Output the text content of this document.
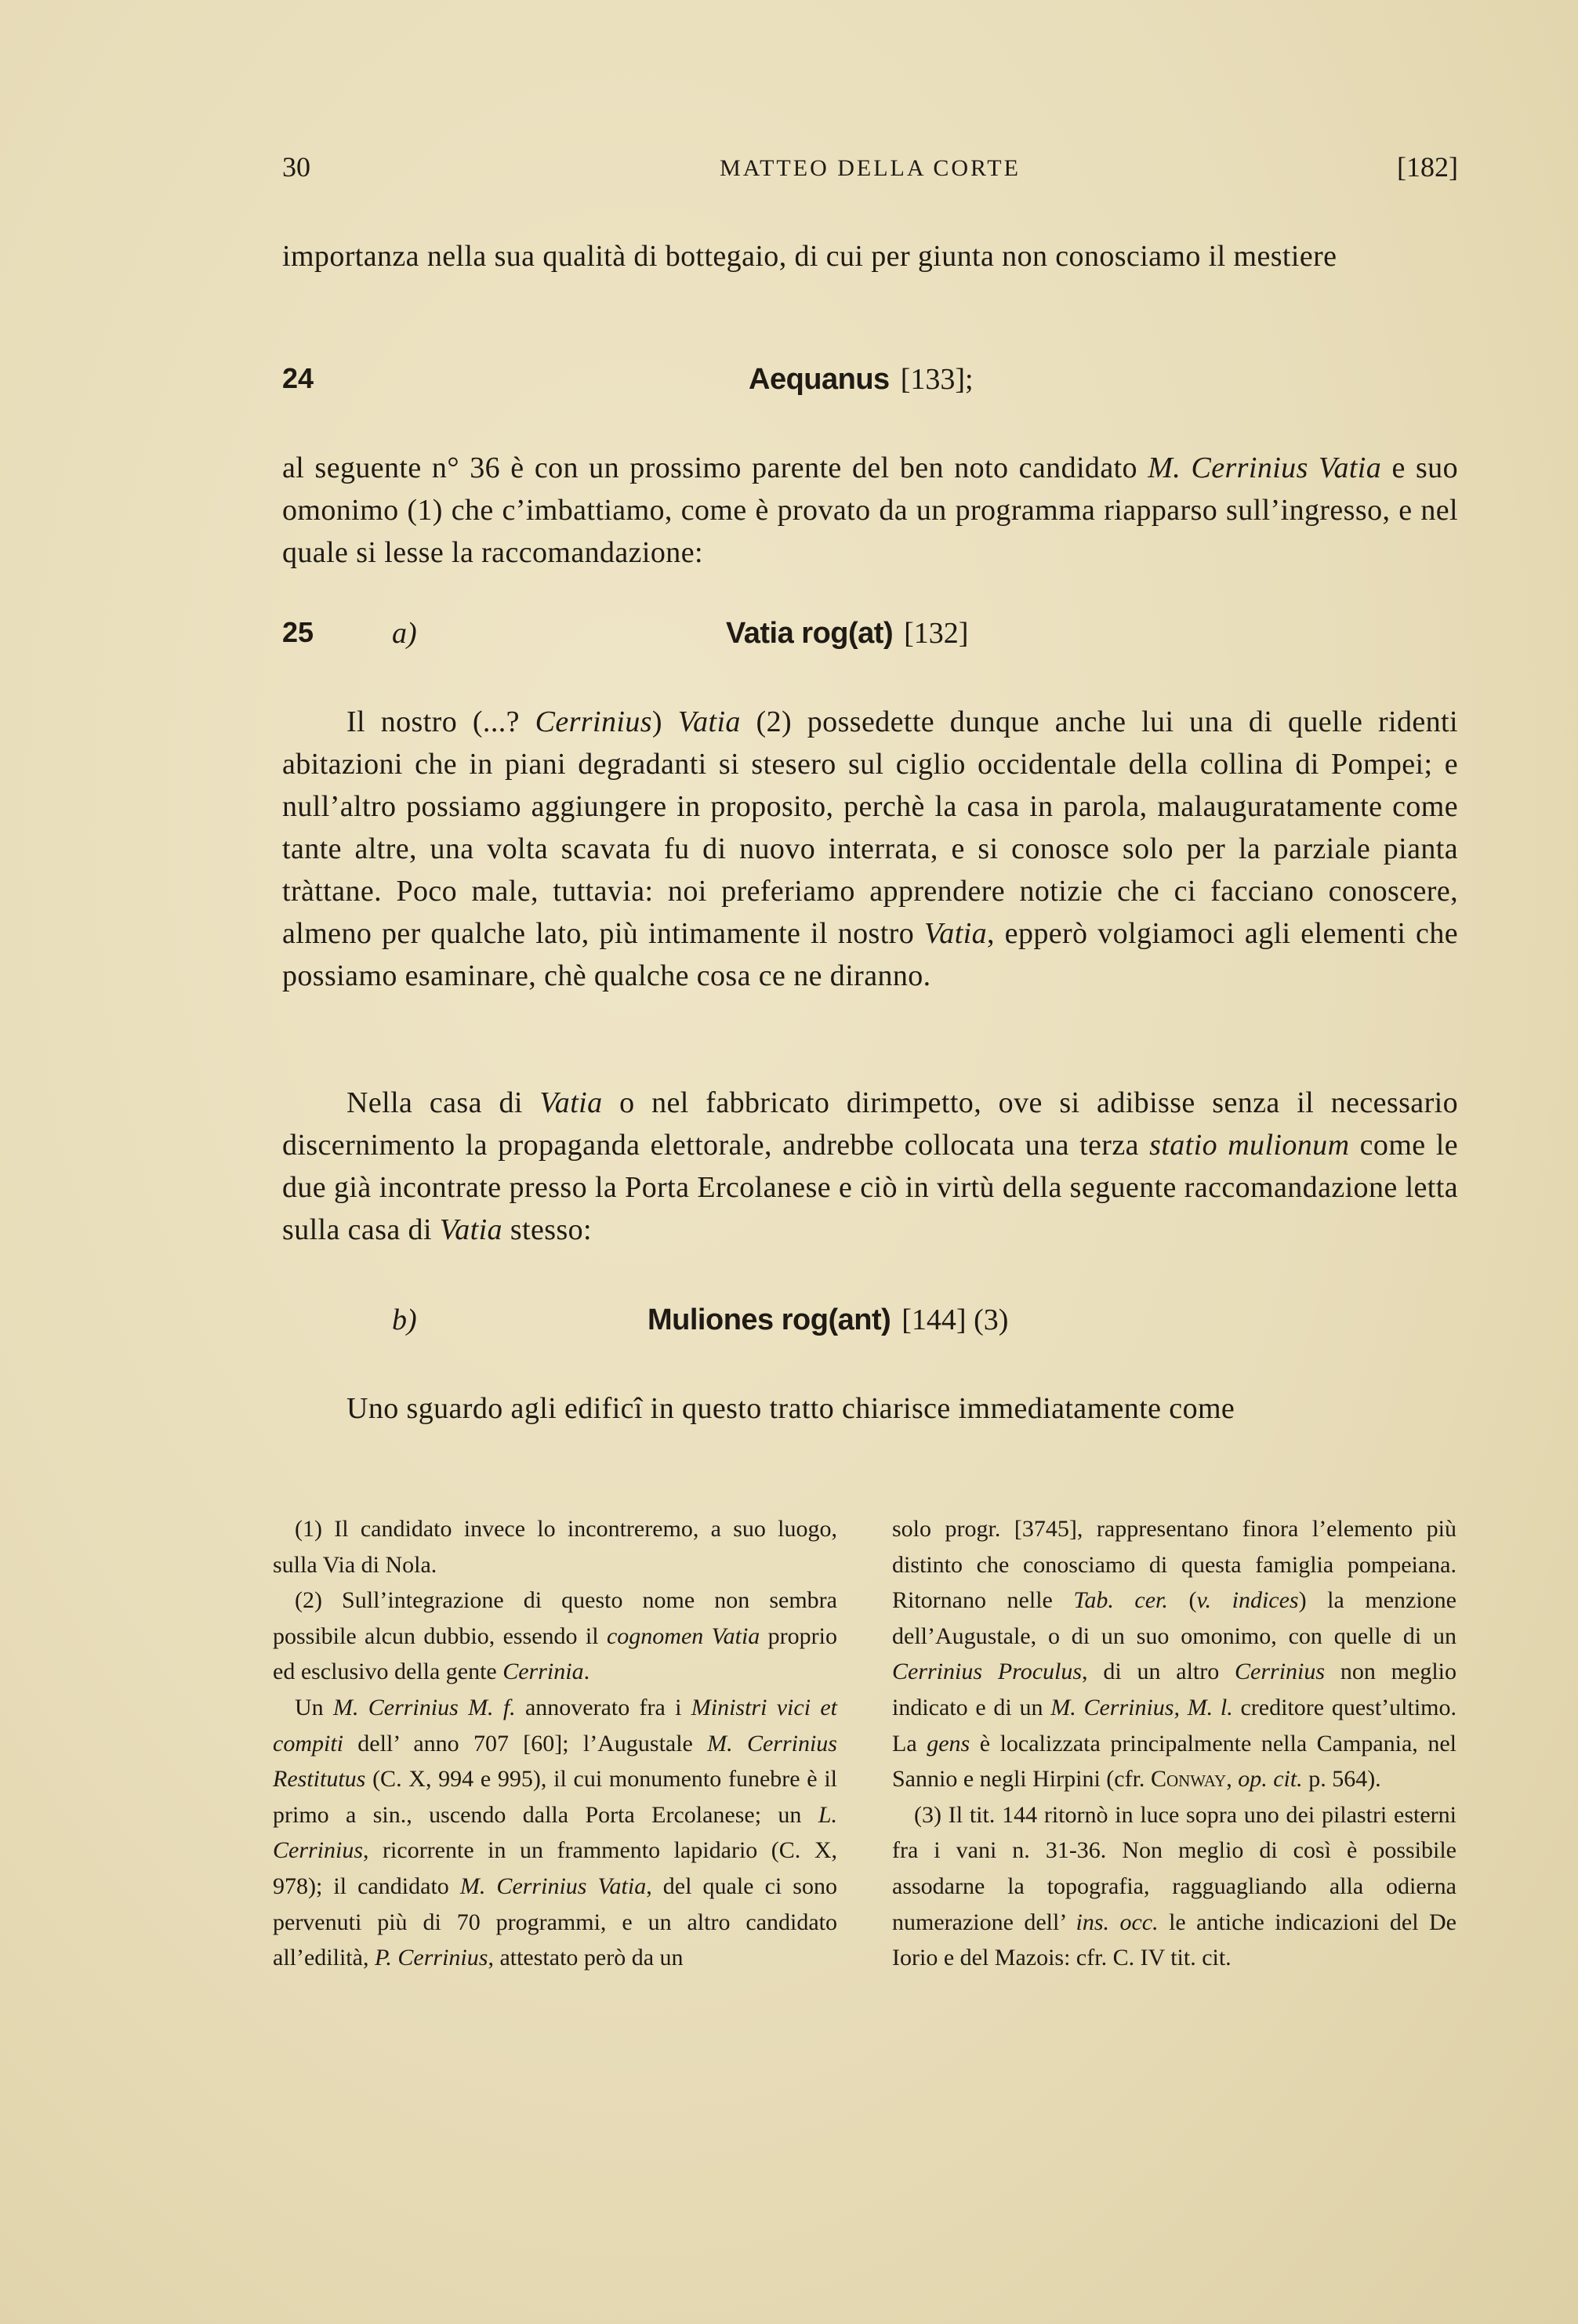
30	MATTEO DELLA CORTE	[182]

importanza nella sua qualità di bottegaio, di cui per giunta non conosciamo il mestiere

24	Aequanus [133];

al seguente n° 36 è con un prossimo parente del ben noto candidato M. Cerrinius Vatia e suo omonimo (1) che c’imbattiamo, come è provato da un programma riapparso sull’ingresso, e nel quale si lesse la raccomandazione:

25	a)	Vatia rog(at) [132]

Il nostro (...? Cerrinius) Vatia (2) possedette dunque anche lui una di quelle ridenti abitazioni che in piani degradanti si stesero sul ciglio occidentale della collina di Pompei; e null’altro possiamo aggiungere in proposito, perchè la casa in parola, malauguratamente come tante altre, una volta scavata fu di nuovo interrata, e si conosce solo per la parziale pianta tràttane. Poco male, tuttavia: noi preferiamo apprendere notizie che ci facciano conoscere, almeno per qualche lato, più intimamente il nostro Vatia, epperò volgiamoci agli elementi che possiamo esaminare, chè qualche cosa ce ne diranno.

Nella casa di Vatia o nel fabbricato dirimpetto, ove si adibisse senza il necessario discernimento la propaganda elettorale, andrebbe collocata una terza statio mulionum come le due già incontrate presso la Porta Ercolanese e ciò in virtù della seguente raccomandazione letta sulla casa di Vatia stesso:

b)	Muliones rog(ant) [144] (3)

Uno sguardo agli edificî in questo tratto chiarisce immediatamente come

(1) Il candidato invece lo incontreremo, a suo luogo, sulla Via di Nola.

(2) Sull’integrazione di questo nome non sembra possibile alcun dubbio, essendo il cognomen Vatia proprio ed esclusivo della gente Cerrinia.

Un M. Cerrinius M. f. annoverato fra i Ministri vici et compiti dell’ anno 707 [60]; l’Augustale M. Cerrinius Restitutus (C. X, 994 e 995), il cui monumento funebre è il primo a sin., uscendo dalla Porta Ercolanese; un L. Cerrinius, ricorrente in un frammento lapidario (C. X, 978); il candidato M. Cerrinius Vatia, del quale ci sono pervenuti più di 70 programmi, e un altro candidato all’edilità, P. Cerrinius, attestato però da un

solo progr. [3745], rappresentano finora l’elemento più distinto che conosciamo di questa famiglia pompeiana. Ritornano nelle Tab. cer. (v. indices) la menzione dell’Augustale, o di un suo omonimo, con quelle di un Cerrinius Proculus, di un altro Cerrinius non meglio indicato e di un M. Cerrinius, M. l. creditore quest’ultimo. La gens è localizzata principalmente nella Campania, nel Sannio e negli Hirpini (cfr. Conway, op. cit. p. 564).

(3) Il tit. 144 ritornò in luce sopra uno dei pilastri esterni fra i vani n. 31-36. Non meglio di così è possibile assodarne la topografia, ragguagliando alla odierna numerazione dell’ ins. occ. le antiche indicazioni del De Iorio e del Mazois: cfr. C. IV tit. cit.
